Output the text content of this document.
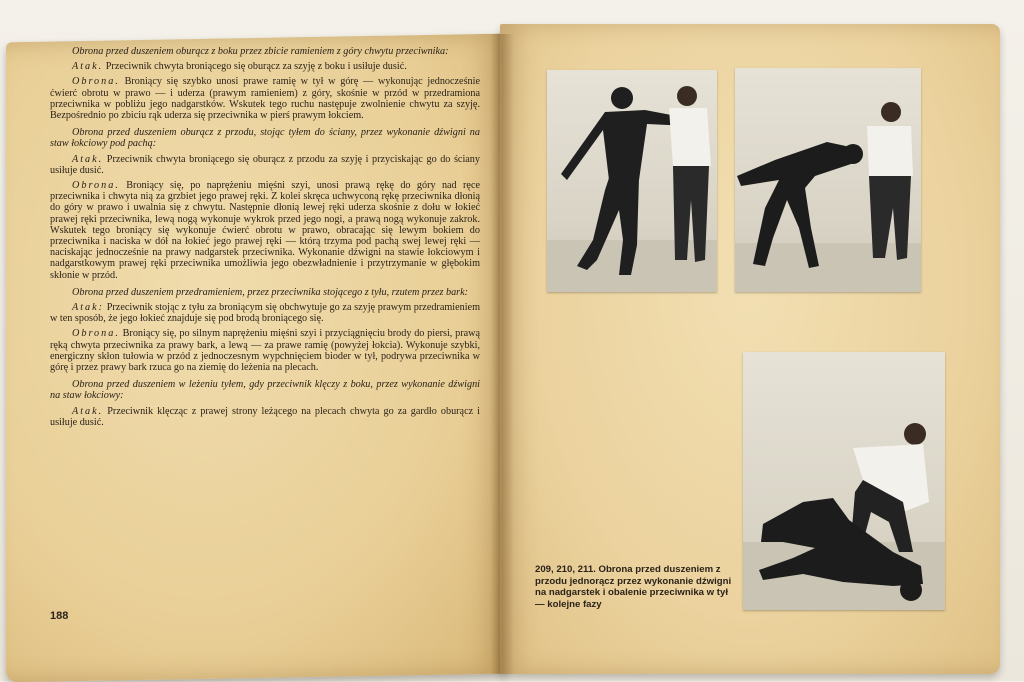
Obrona przed duszeniem oburącz z boku przez zbicie ramieniem z góry chwytu przeciwnika:

Atak. Przeciwnik chwyta broniącego się oburącz za szyję z boku i usiłuje dusić.

Obrona. Broniący się szybko unosi prawe ramię w tył w górę — wykonując jednocześnie ćwierć obrotu w prawo — i uderza (prawym ramieniem) z góry, skośnie w przód w przedramiona przeciwnika w pobliżu jego nadgarstków. Wskutek tego ruchu następuje zwolnienie chwytu za szyję. Bezpośrednio po zbiciu rąk uderza się przeciwnika w pierś prawym łokciem.

Obrona przed duszeniem oburącz z przodu, stojąc tyłem do ściany, przez wykonanie dźwigni na staw łokciowy pod pachą:

Atak. Przeciwnik chwyta broniącego się oburącz z przodu za szyję i przyciskając go do ściany usiłuje dusić.

Obrona. Broniący się, po naprężeniu mięśni szyi, unosi prawą rękę do góry nad ręce przeciwnika i chwyta nią za grzbiet jego prawej ręki. Z kolei skręca uchwyconą rękę przeciwnika dłonią do góry w prawo i uwalnia się z chwytu. Następnie dłonią lewej ręki uderza skośnie z dołu w łokieć prawej ręki przeciwnika, lewą nogą wykonuje wykrok przed jego nogi, a prawą nogą wykonuje zakrok. Wskutek tego broniący się wykonuje ćwierć obrotu w prawo, obracając się lewym bokiem do przeciwnika i naciska w dół na łokieć jego prawej ręki — którą trzyma pod pachą swej lewej ręki — naciskając jednocześnie na prawy nadgarstek przeciwnika. Wykonanie dźwigni na stawie łokciowym i nadgarstkowym prawej ręki przeciwnika umożliwia jego obezwładnienie i przytrzymanie w głębokim skłonie w przód.

Obrona przed duszeniem przedramieniem, przez przeciwnika stojącego z tyłu, rzutem przez bark:

Atak: Przeciwnik stojąc z tyłu za broniącym się obchwytuje go za szyję prawym przedramieniem w ten sposób, że jego łokieć znajduje się pod brodą broniącego się.

Obrona. Broniący się, po silnym naprężeniu mięśni szyi i przyciągnięciu brody do piersi, prawą ręką chwyta przeciwnika za prawy bark, a lewą — za prawe ramię (powyżej łokcia). Wykonuje szybki, energiczny skłon tułowia w przód z jednoczesnym wypchnięciem bioder w tył, podrywa przeciwnika w górę i przez prawy bark rzuca go na ziemię do leżenia na plecach.

Obrona przed duszeniem w leżeniu tyłem, gdy przeciwnik klęczy z boku, przez wykonanie dźwigni na staw łokciowy:

Atak. Przeciwnik klęcząc z prawej strony leżącego na plecach chwyta go za gardło oburącz i usiłuje dusić.

188
209, 210, 211. Obrona przed duszeniem z przodu jednorącz przez wykonanie dźwigni na nadgarstek i obalenie przeciwnika w tył — kolejne fazy
